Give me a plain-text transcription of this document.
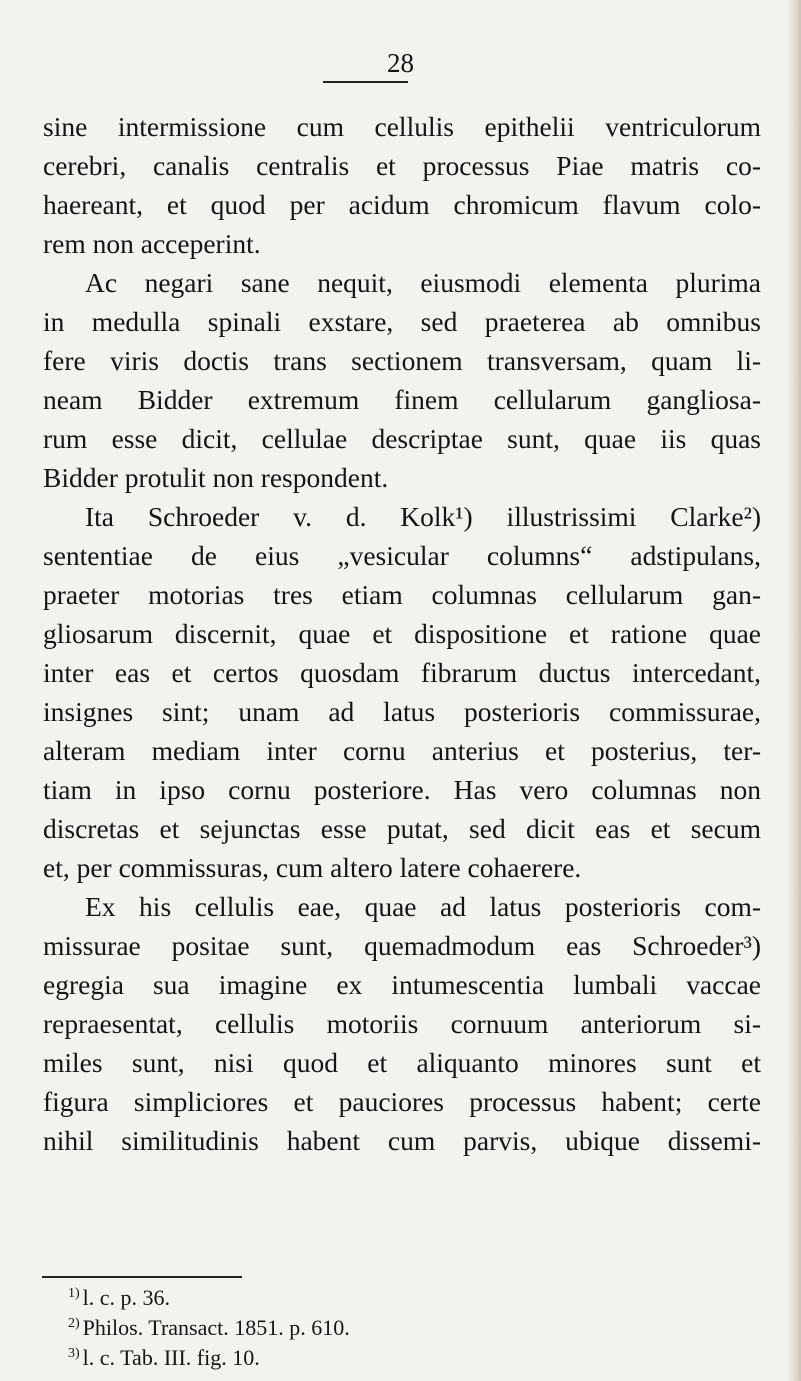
28
sine intermissione cum cellulis epithelii ventriculorum
cerebri, canalis centralis et processus Piae matris co-
haereant, et quod per acidum chromicum flavum colo-
rem non acceperint.
Ac negari sane nequit, eiusmodi elementa plurima
in medulla spinali exstare, sed praeterea ab omnibus
fere viris doctis trans sectionem transversam, quam li-
neam Bidder extremum finem cellularum gangliosa-
rum esse dicit, cellulae descriptae sunt, quae iis quas
Bidder protulit non respondent.
Ita Schroeder v. d. Kolk¹) illustrissimi Clarke²)
sententiae de eius „vesicular columns“ adstipulans,
praeter motorias tres etiam columnas cellularum gan-
gliosarum discernit, quae et dispositione et ratione quae
inter eas et certos quosdam fibrarum ductus intercedant,
insignes sint; unam ad latus posterioris commissurae,
alteram mediam inter cornu anterius et posterius, ter-
tiam in ipso cornu posteriore. Has vero columnas non
discretas et sejunctas esse putat, sed dicit eas et secum
et, per commissuras, cum altero latere cohaerere.
Ex his cellulis eae, quae ad latus posterioris com-
missurae positae sunt, quemadmodum eas Schroeder³)
egregia sua imagine ex intumescentia lumbali vaccae
repraesentat, cellulis motoriis cornuum anteriorum si-
miles sunt, nisi quod et aliquanto minores sunt et
figura simpliciores et pauciores processus habent; certe
nihil similitudinis habent cum parvis, ubique dissemi-
$^{1)}$ l. c. p. 36.
$^{2)}$ Philos. Transact. 1851. p. 610.
$^{3)}$ l. c. Tab. III. fig. 10.
